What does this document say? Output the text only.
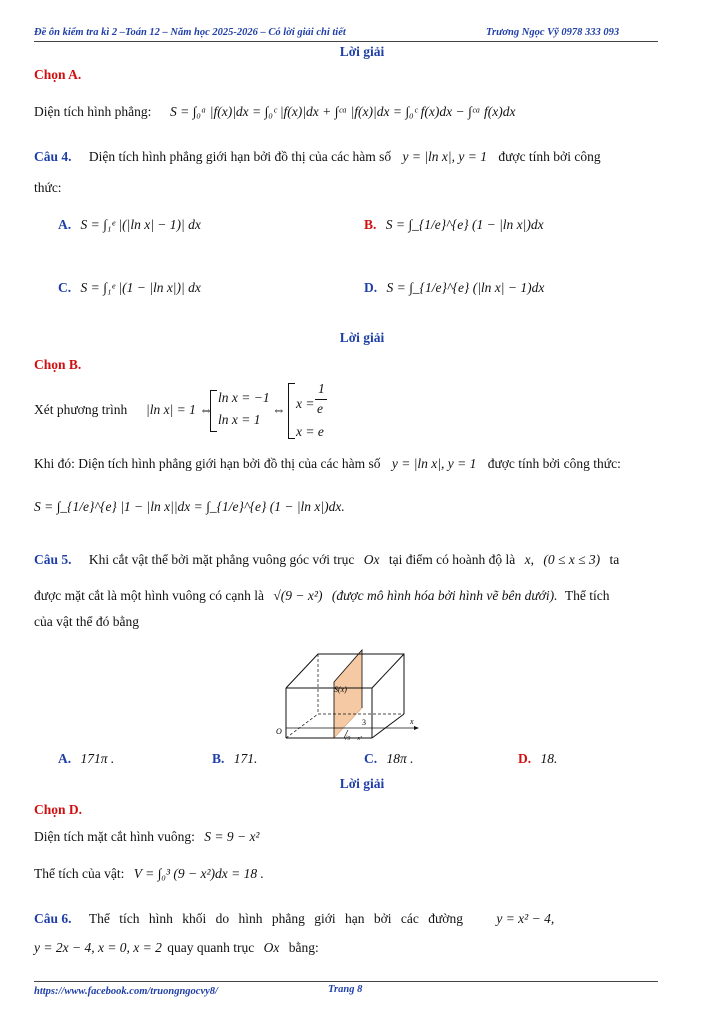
Đề ôn kiểm tra kì 2 –Toán 12 – Năm học 2025-2026 – Có lời giải chi tiết	Trương Ngọc Vỹ 0978 333 093
Lời giải
Chọn A.
Diện tích hình phẳng: S = ∫₀ᵃ |f(x)|dx = ∫₀ᶜ |f(x)|dx + ∫ᶜᵃ |f(x)|dx = ∫₀ᶜ f(x)dx − ∫ᶜᵃ f(x)dx
Câu 4. Diện tích hình phẳng giới hạn bởi đồ thị của các hàm số y = |ln x|, y = 1 được tính bởi công
thức:
A. S = ∫₁ᵉ |(|ln x| − 1)| dx	B. S = ∫_{1/e}^{e} (1 − |ln x|)dx
C. S = ∫₁ᵉ |(1 − |ln x|)| dx	D. S = ∫_{1/e}^{e} (|ln x| − 1)dx
Lời giải
Chọn B.
Xét phương trình |ln x| = 1 ⇔
ln x = −1
ln x = 1
⇔ x =
1
e
x = e
Khi đó: Diện tích hình phẳng giới hạn bởi đồ thị của các hàm số y = |ln x|, y = 1 được tính bởi công thức:
S = ∫_{1/e}^{e} |1 − |ln x||dx = ∫_{1/e}^{e} (1 − |ln x|)dx.
Câu 5. Khi cắt vật thể bởi mặt phẳng vuông góc với trục Ox tại điểm có hoành độ là x, (0 ≤ x ≤ 3) ta
được mặt cắt là một hình vuông có cạnh là √(9 − x²) (được mô hình hóa bởi hình vẽ bên dưới). Thể tích
của vật thể đó bằng
S(x)
O
3	x
√9 − x²
A. 171π .	B. 171.	C. 18π .	D. 18.
Lời giải
Chọn D.
Diện tích mặt cắt hình vuông: S = 9 − x²
Thể tích của vật: V = ∫₀³ (9 − x²)dx = 18 .
Câu 6. Thể tích hình khối do hình phẳng giới hạn bởi các đường y = x² − 4,
y = 2x − 4, x = 0, x = 2 quay quanh trục Ox bằng:
https://www.facebook.com/truongngocvy8/	Trang 8
